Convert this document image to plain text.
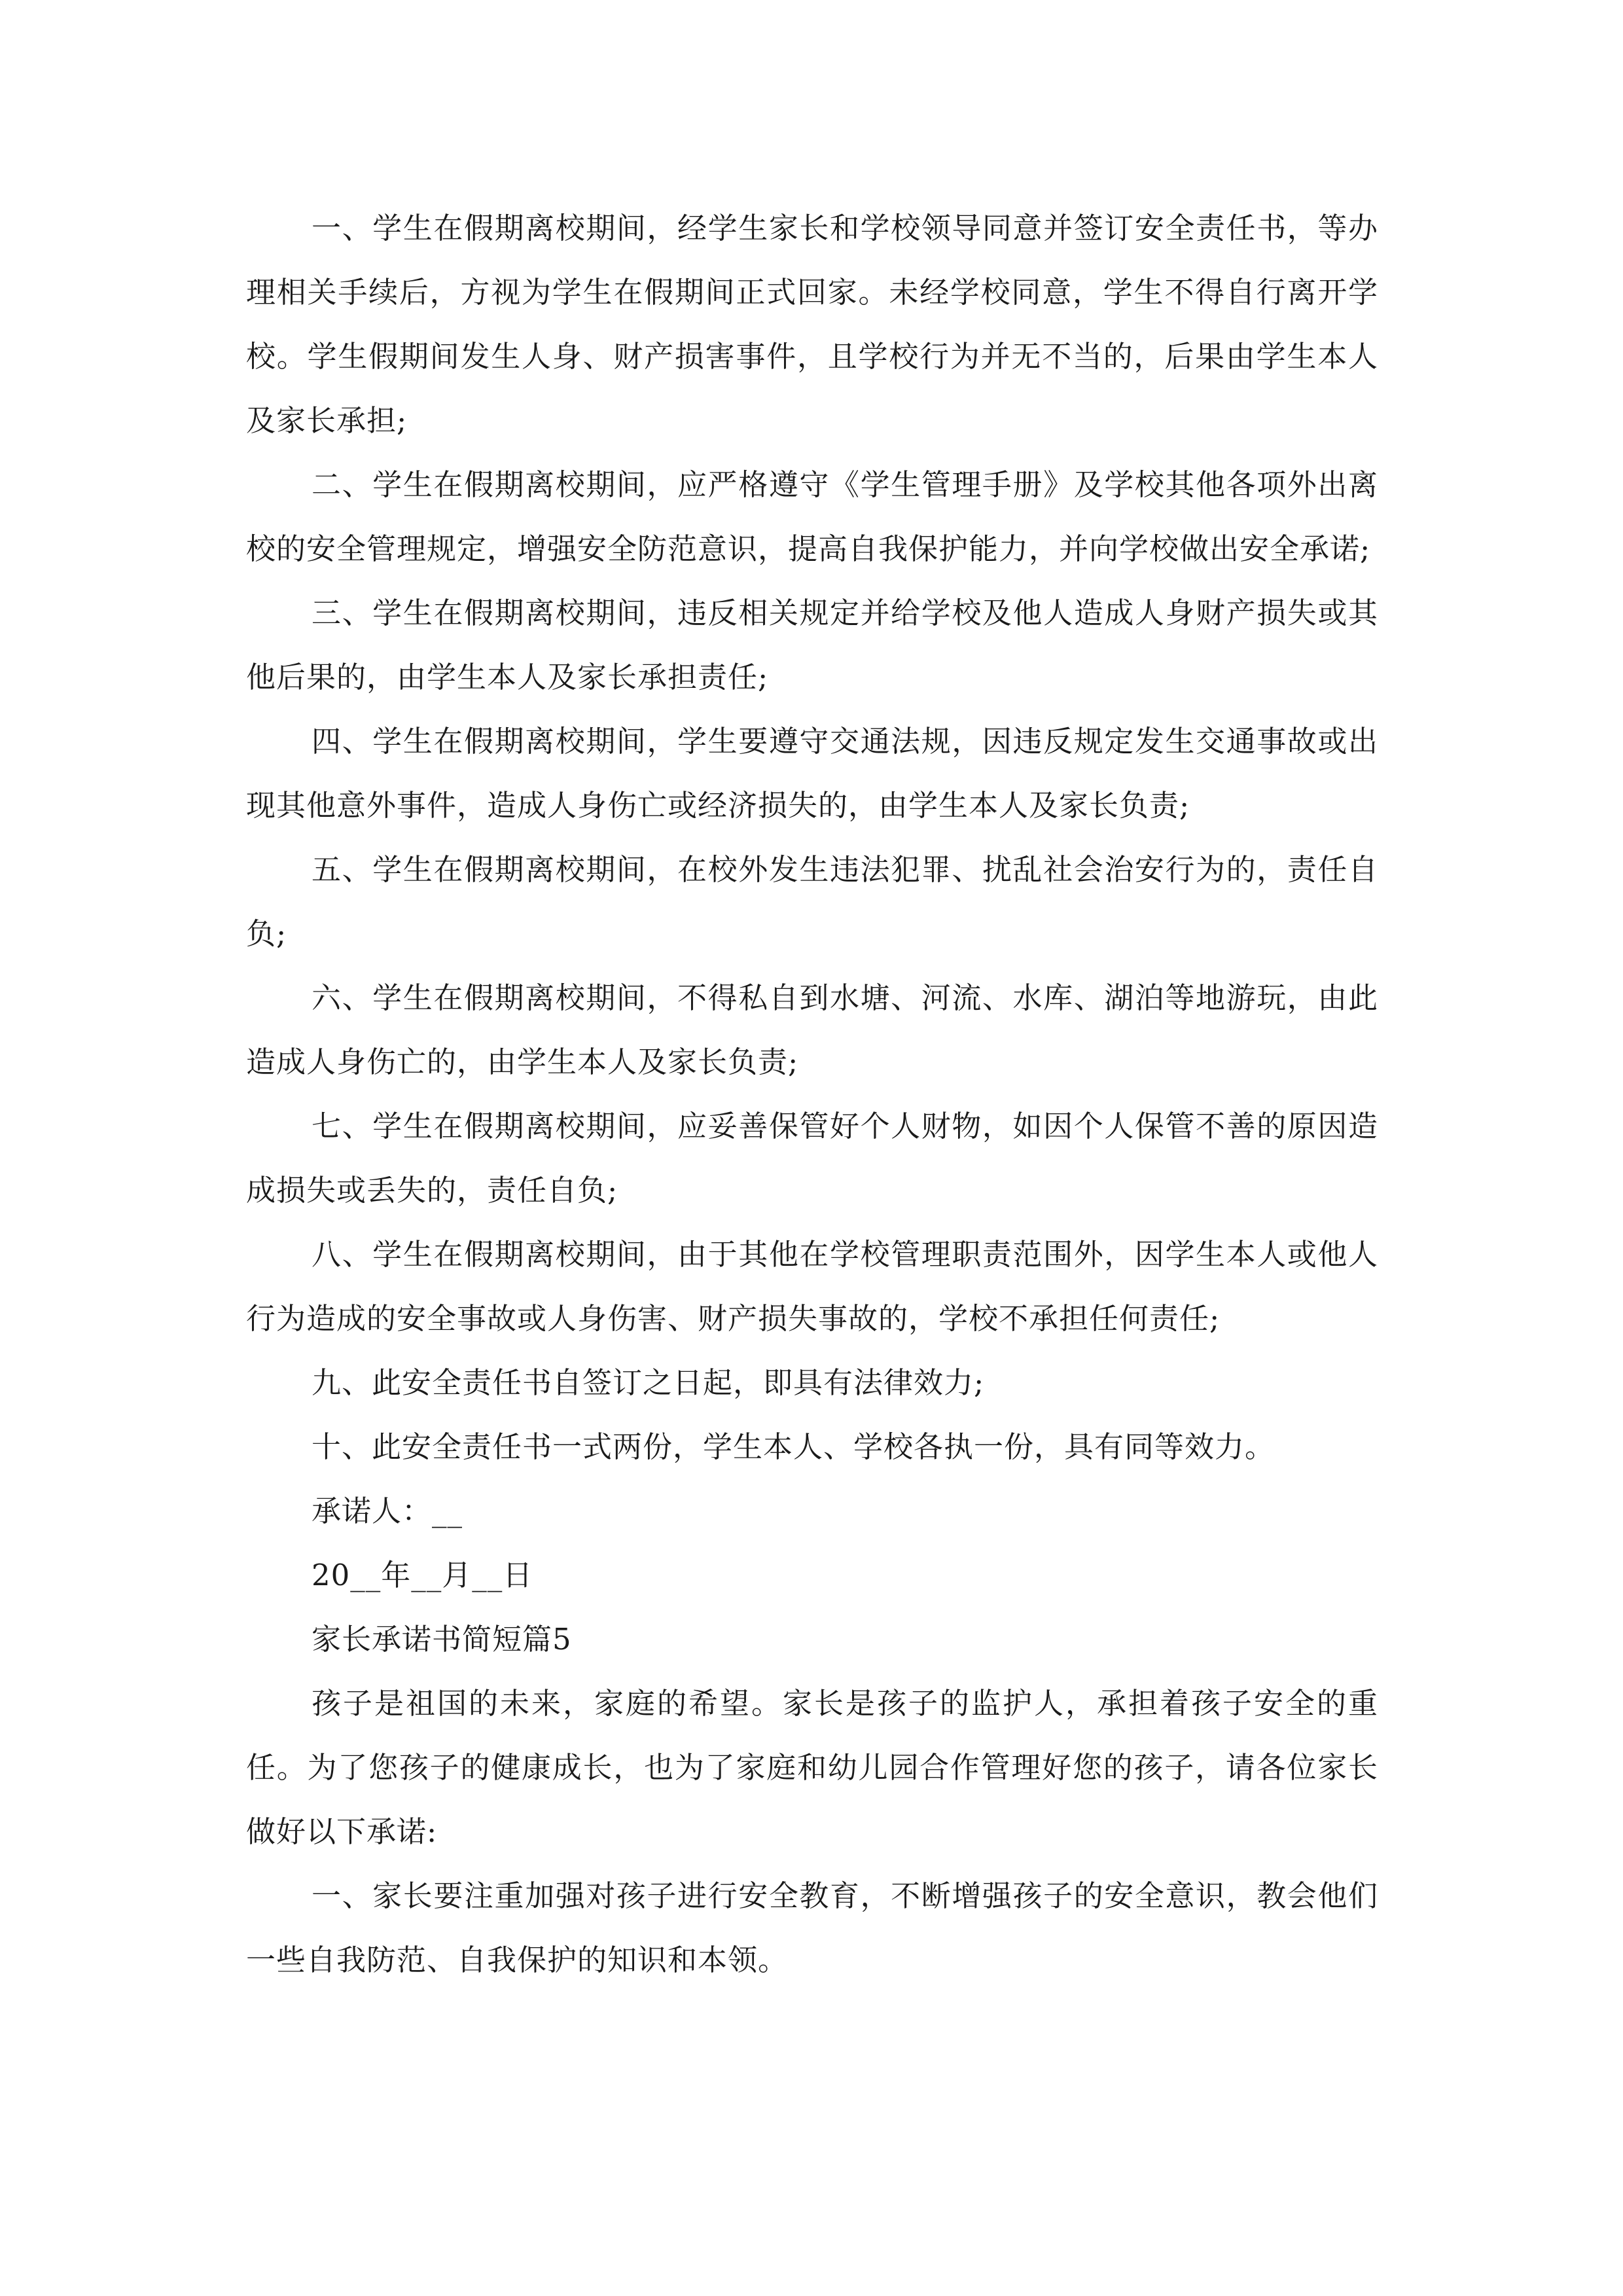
一、学生在假期离校期间，经学生家长和学校领导同意并签订安全责任书，等办理相关手续后，方视为学生在假期间正式回家。未经学校同意，学生不得自行离开学校。学生假期间发生人身、财产损害事件，且学校行为并无不当的，后果由学生本人及家长承担;

二、学生在假期离校期间，应严格遵守《学生管理手册》及学校其他各项外出离校的安全管理规定，增强安全防范意识，提高自我保护能力，并向学校做出安全承诺;

三、学生在假期离校期间，违反相关规定并给学校及他人造成人身财产损失或其他后果的，由学生本人及家长承担责任;

四、学生在假期离校期间，学生要遵守交通法规，因违反规定发生交通事故或出现其他意外事件，造成人身伤亡或经济损失的，由学生本人及家长负责;

五、学生在假期离校期间，在校外发生违法犯罪、扰乱社会治安行为的，责任自负;

六、学生在假期离校期间，不得私自到水塘、河流、水库、湖泊等地游玩，由此造成人身伤亡的，由学生本人及家长负责;

七、学生在假期离校期间，应妥善保管好个人财物，如因个人保管不善的原因造成损失或丢失的，责任自负;

八、学生在假期离校期间，由于其他在学校管理职责范围外，因学生本人或他人行为造成的安全事故或人身伤害、财产损失事故的，学校不承担任何责任;

九、此安全责任书自签订之日起，即具有法律效力;

十、此安全责任书一式两份，学生本人、学校各执一份，具有同等效力。

承诺人：__

20__年__月__日

家长承诺书简短篇5

孩子是祖国的未来，家庭的希望。家长是孩子的监护人，承担着孩子安全的重任。为了您孩子的健康成长，也为了家庭和幼儿园合作管理好您的孩子，请各位家长做好以下承诺:

一、家长要注重加强对孩子进行安全教育，不断增强孩子的安全意识，教会他们一些自我防范、自我保护的知识和本领。
